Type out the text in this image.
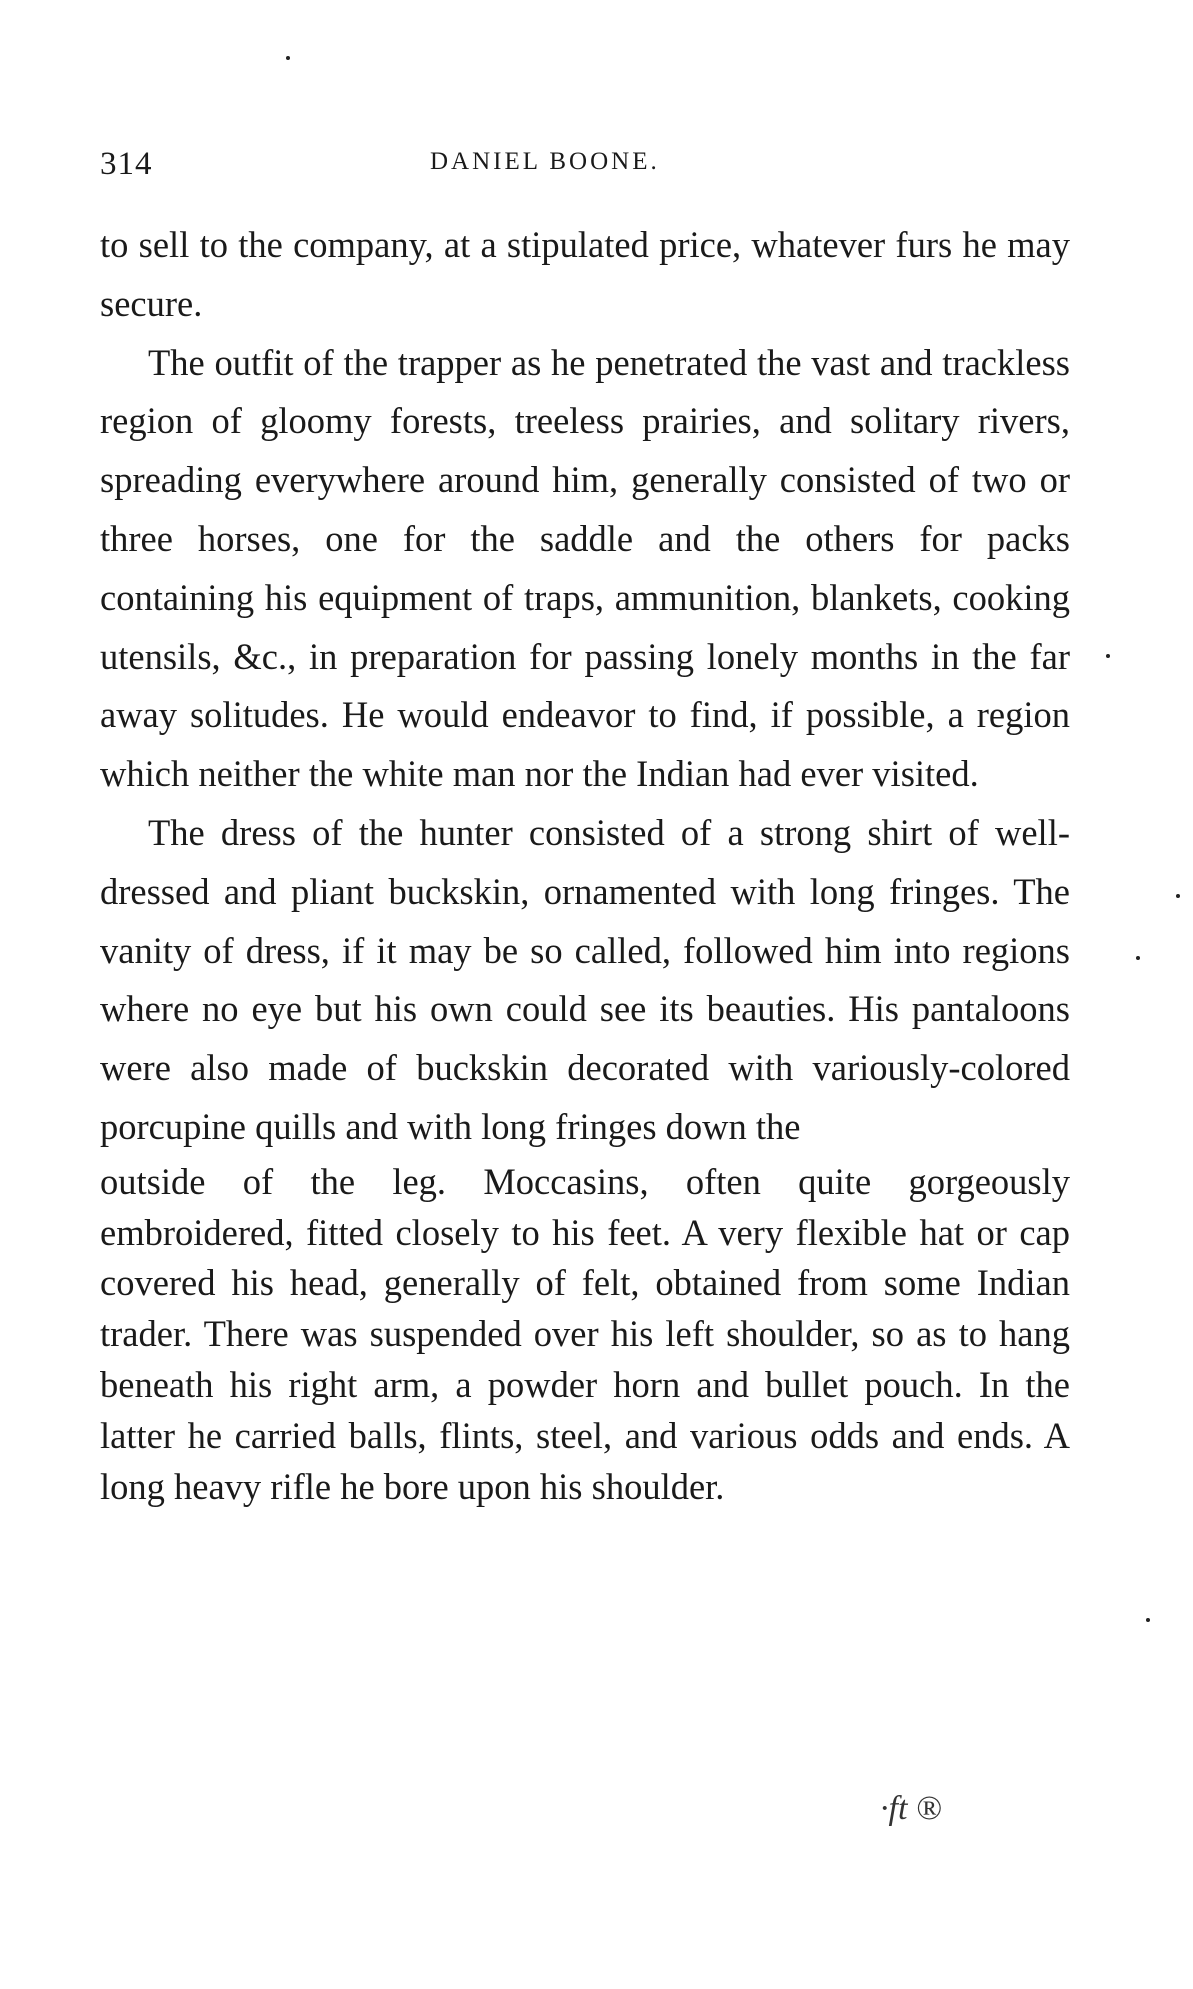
314	DANIEL BOONE.

to sell to the company, at a stipulated price, whatever furs he may secure.

The outfit of the trapper as he penetrated the vast and trackless region of gloomy forests, treeless prairies, and solitary rivers, spreading everywhere around him, generally consisted of two or three horses, one for the saddle and the others for packs containing his equipment of traps, ammunition, blankets, cooking utensils, &c., in preparation for passing lonely months in the far away solitudes. He would endeavor to find, if possible, a region which neither the white man nor the Indian had ever visited.

The dress of the hunter consisted of a strong shirt of well-dressed and pliant buckskin, ornamented with long fringes. The vanity of dress, if it may be so called, followed him into regions where no eye but his own could see its beauties. His pantaloons were also made of buckskin decorated with variously-colored porcupine quills and with long fringes down the

outside of the leg. Moccasins, often quite gorgeously embroidered, fitted closely to his feet. A very flexible hat or cap covered his head, generally of felt, obtained from some Indian trader. There was suspended over his left shoulder, so as to hang beneath his right arm, a powder horn and bullet pouch. In the latter he carried balls, flints, steel, and various odds and ends. A long heavy rifle he bore upon his shoulder.

·ft ®
